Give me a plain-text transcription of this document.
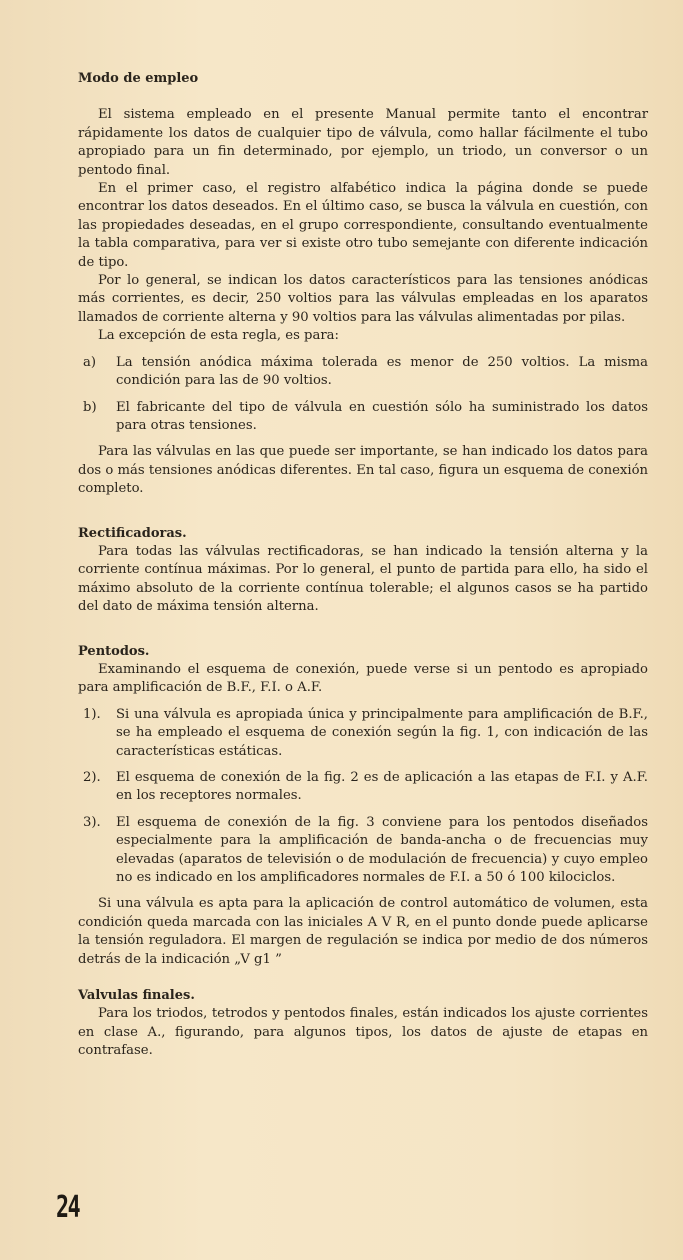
Modo de empleo

El sistema empleado en el presente Manual permite tanto el encontrar rápidamente los datos de cualquier tipo de válvula, como hallar fácilmente el tubo apropiado para un fin determinado, por ejemplo, un triodo, un conversor o un pentodo final.

En el primer caso, el registro alfabético indica la página donde se puede encontrar los datos deseados. En el último caso, se busca la válvula en cuestión, con las propiedades deseadas, en el grupo correspondiente, consultando eventualmente la tabla comparativa, para ver si existe otro tubo semejante con diferente indicación de tipo.

Por lo general, se indican los datos característicos para las tensiones anódicas más corrientes, es decir, 250 voltios para las válvulas empleadas en los aparatos llamados de corriente alterna y 90 voltios para las válvulas alimentadas por pilas.

La excepción de esta regla, es para:

a)	La tensión anódica máxima tolerada es menor de 250 voltios. La misma condición para las de 90 voltios.
b)	El fabricante del tipo de válvula en cuestión sólo ha suministrado los datos para otras tensiones.

Para las válvulas en las que puede ser importante, se han indicado los datos para dos o más tensiones anódicas diferentes. En tal caso, figura un esquema de conexión completo.

Rectificadoras.

Para todas las válvulas rectificadoras, se han indicado la tensión alterna y la corriente contínua máximas. Por lo general, el punto de partida para ello, ha sido el máximo absoluto de la corriente contínua tolerable; el algunos casos se ha partido del dato de máxima tensión alterna.

Pentodos.

Examinando el esquema de conexión, puede verse si un pentodo es apropiado para amplificación de B.F., F.I. o A.F.

1).	Si una válvula es apropiada única y principalmente para amplificación de B.F., se ha empleado el esquema de conexión según la fig. 1, con indicación de las características estáticas.
2).	El esquema de conexión de la fig. 2 es de aplicación a las etapas de F.I. y A.F. en los receptores normales.
3).	El esquema de conexión de la fig. 3 conviene para los pentodos diseñados especialmente para la amplificación de banda-ancha o de frecuencias muy elevadas (aparatos de televisión o de modulación de frecuencia) y cuyo empleo no es indicado en los amplificadores normales de F.I. a 50 ó 100 kilociclos.

Si una válvula es apta para la aplicación de control automático de volumen, esta condición queda marcada con las iniciales A V R, en el punto donde puede aplicarse la tensión reguladora. El margen de regulación se indica por medio de dos números detrás de la indicación „V g1 ”

Valvulas finales.

Para los triodos, tetrodos y pentodos finales, están indicados los ajuste corrientes en clase A., figurando, para algunos tipos, los datos de ajuste de etapas en contrafase.

24
